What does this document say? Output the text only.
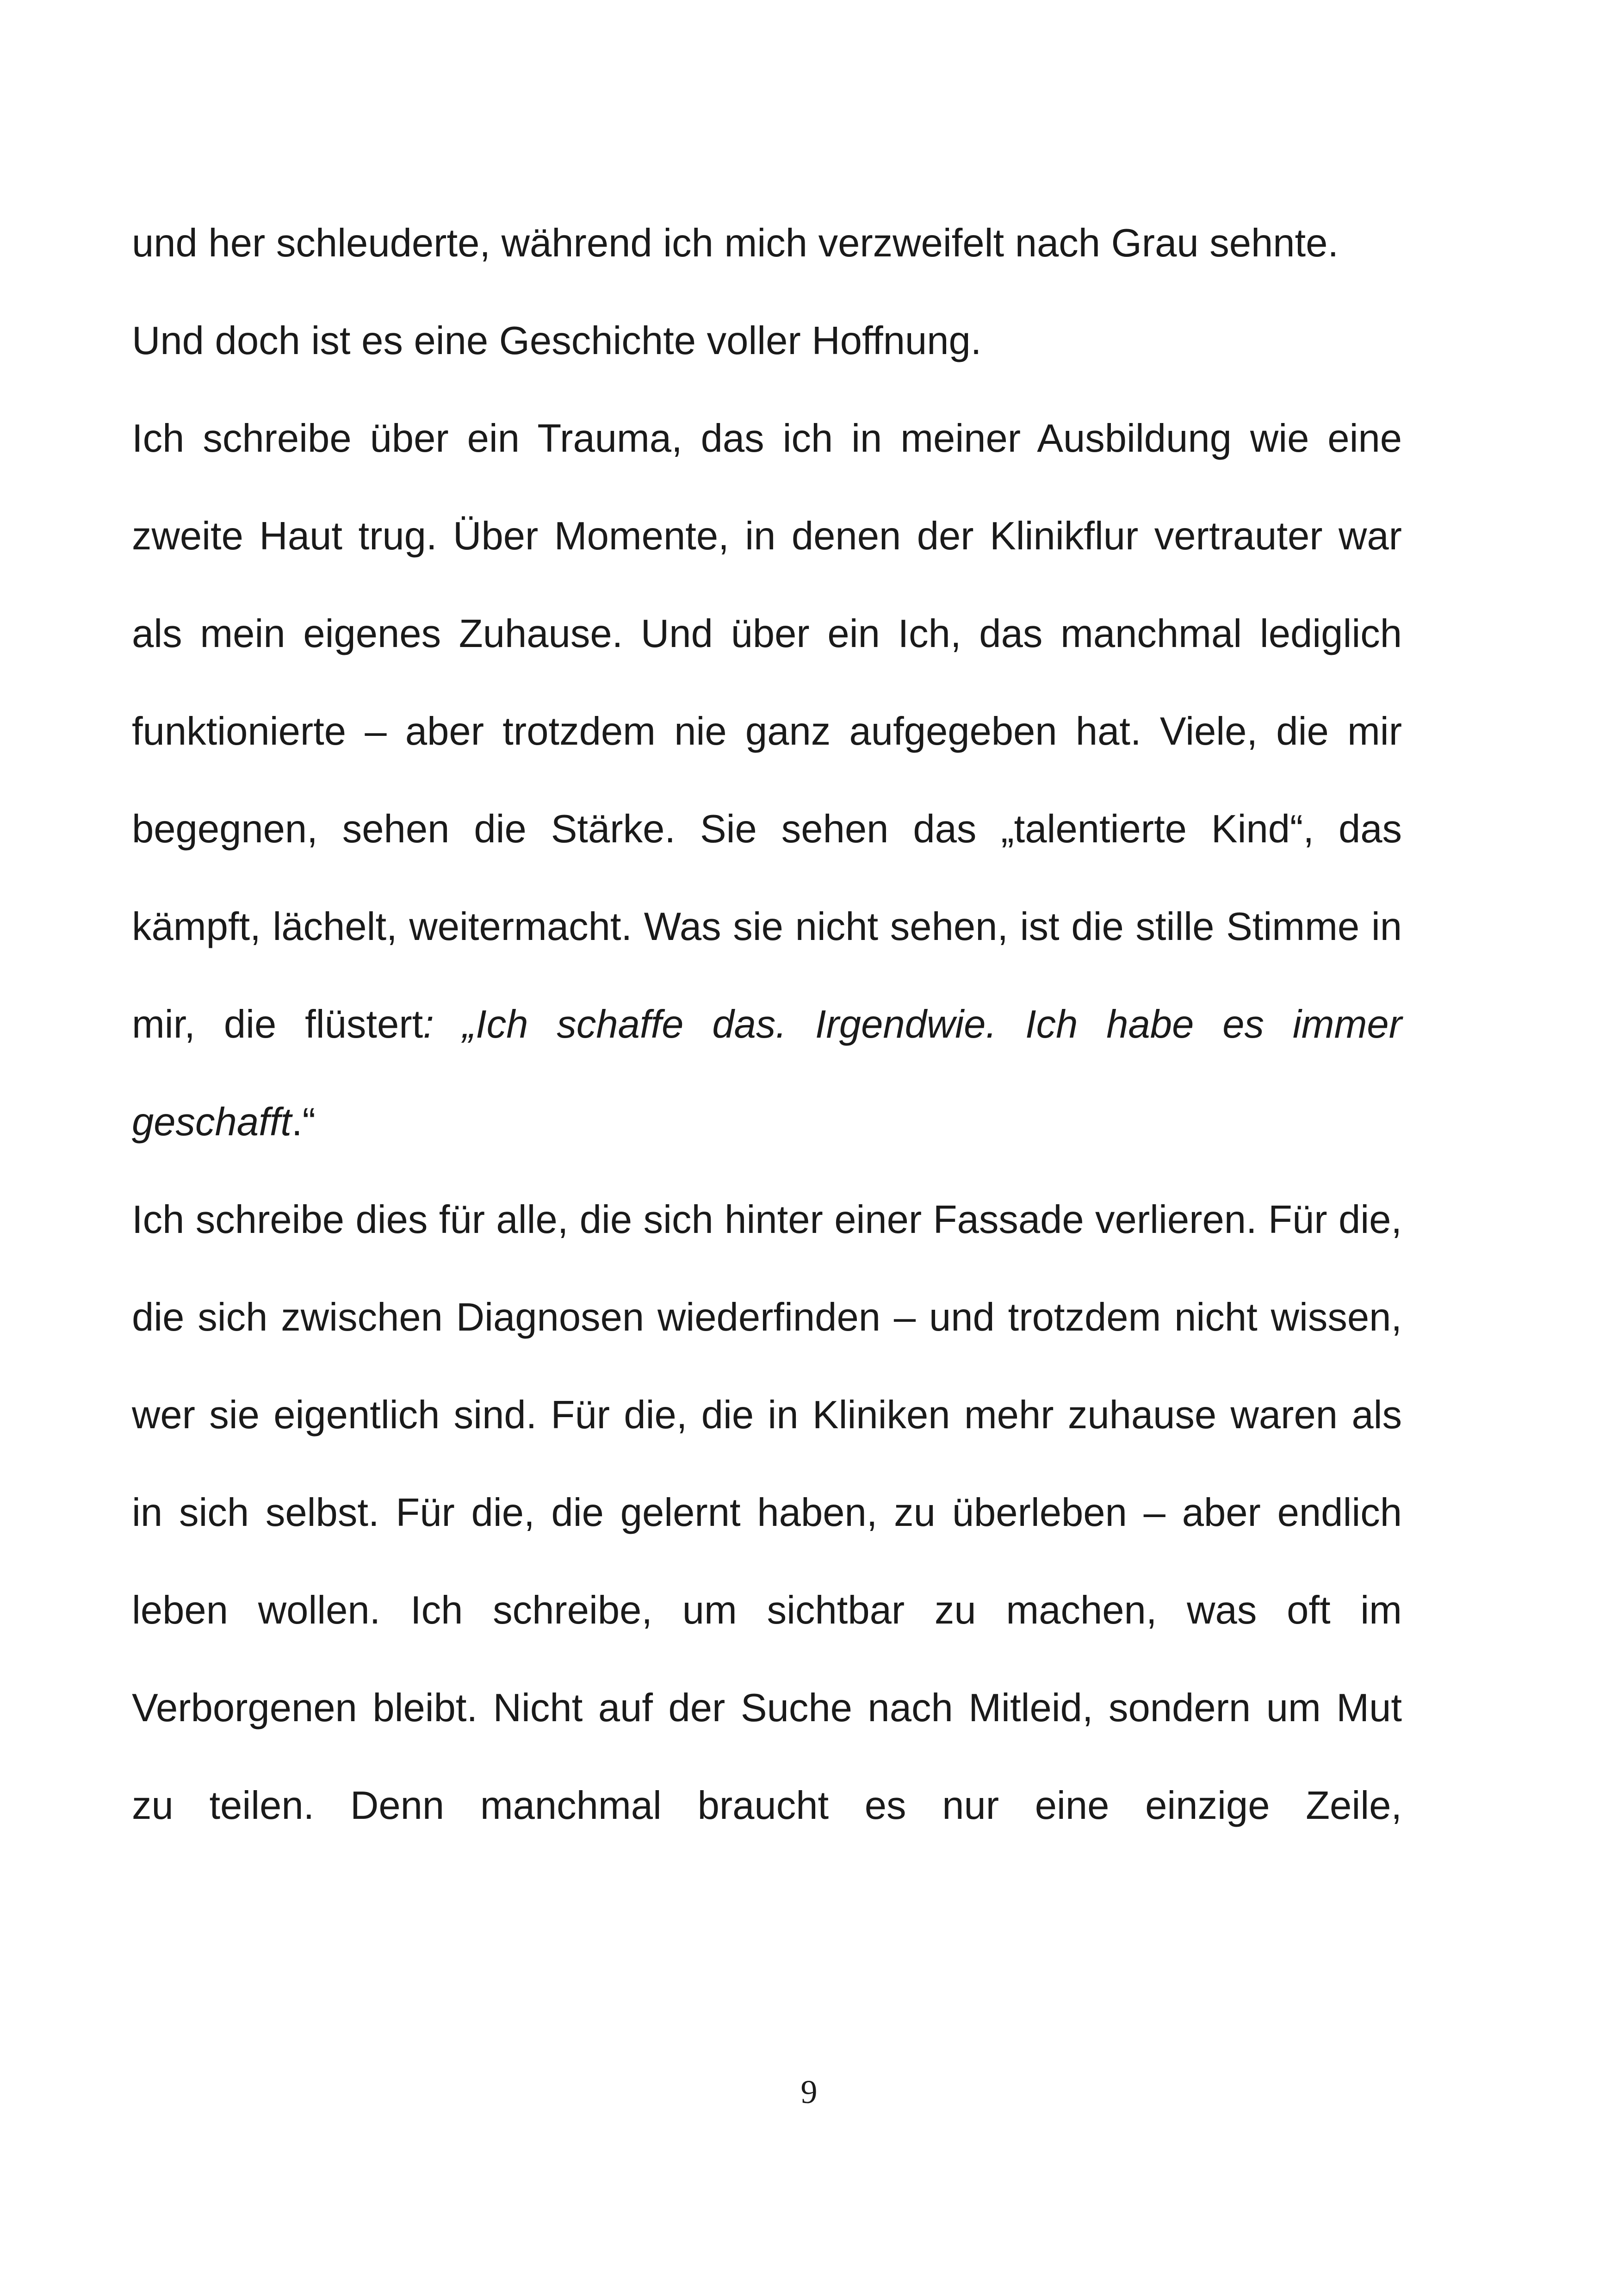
und her schleuderte, während ich mich verzweifelt nach Grau sehnte.

Und doch ist es eine Geschichte voller Hoffnung.

Ich schreibe über ein Trauma, das ich in meiner Ausbildung wie eine zweite Haut trug. Über Momente, in denen der Klinikflur vertrauter war als mein eigenes Zuhause. Und über ein Ich, das manchmal lediglich funktionierte – aber trotzdem nie ganz aufgegeben hat. Viele, die mir begegnen, sehen die Stärke. Sie sehen das „talentierte Kind“, das kämpft, lächelt, weitermacht. Was sie nicht sehen, ist die stille Stimme in mir, die flüstert: „Ich schaffe das. Irgendwie. Ich habe es immer geschafft.“

Ich schreibe dies für alle, die sich hinter einer Fassade verlieren. Für die, die sich zwischen Diagnosen wiederfinden – und trotzdem nicht wissen, wer sie eigentlich sind. Für die, die in Kliniken mehr zuhause waren als in sich selbst. Für die, die gelernt haben, zu überleben – aber endlich leben wollen. Ich schreibe, um sichtbar zu machen, was oft im Verborgenen bleibt. Nicht auf der Suche nach Mitleid, sondern um Mut zu teilen. Denn manchmal braucht es nur eine einzige Zeile,

9
